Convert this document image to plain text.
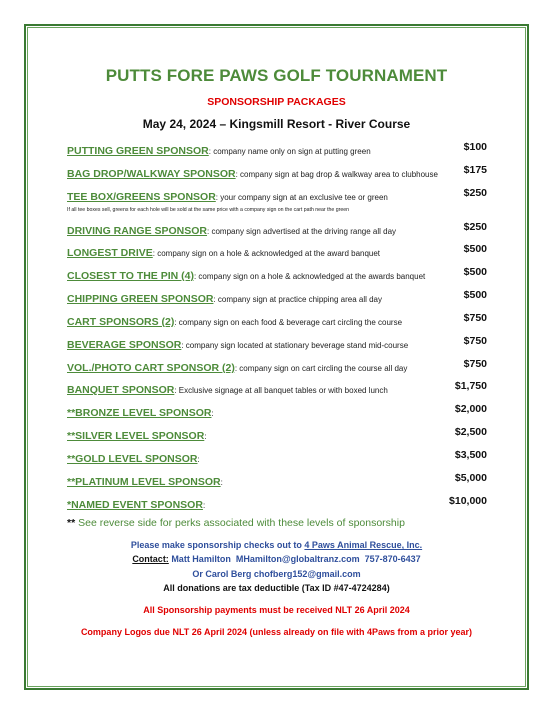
PUTTS FORE PAWS GOLF TOURNAMENT
SPONSORSHIP PACKAGES
May 24, 2024 – Kingsmill Resort - River Course
PUTTING GREEN SPONSOR: company name only on sign at putting green	$100
BAG DROP/WALKWAY SPONSOR: company sign at bag drop & walkway area to clubhouse $175
TEE BOX/GREENS SPONSOR: your company sign at an exclusive tee or green	$250
If all tee boxes sell, greens for each hole will be sold at the same price with a company sign on the cart path near the green
DRIVING RANGE SPONSOR: company sign advertised at the driving range all day	$250
LONGEST DRIVE: company sign on a hole & acknowledged at the award banquet	$500
CLOSEST TO THE PIN (4): company sign on a hole & acknowledged at the awards banquet	$500
CHIPPING GREEN SPONSOR: company sign at practice chipping area all day	$500
CART SPONSORS (2): company sign on each food & beverage cart circling the course	$750
BEVERAGE SPONSOR: company sign located at stationary beverage stand mid-course	$750
VOL./PHOTO CART SPONSOR (2): company sign on cart circling the course all day	$750
BANQUET SPONSOR: Exclusive signage at all banquet tables or with boxed lunch	$1,750
**BRONZE LEVEL SPONSOR:	$2,000
**SILVER LEVEL SPONSOR:	$2,500
**GOLD LEVEL SPONSOR:	$3,500
**PLATINUM LEVEL SPONSOR:	$5,000
*NAMED EVENT SPONSOR:	$10,000
** See reverse side for perks associated with these levels of sponsorship
Please make sponsorship checks out to 4 Paws Animal Rescue, Inc.
Contact: Matt Hamilton MHamilton@globaltranz.com 757-870-6437
Or Carol Berg chofberg152@gmail.com
All donations are tax deductible (Tax ID #47-4724284)
All Sponsorship payments must be received NLT 26 April 2024
Company Logos due NLT 26 April 2024 (unless already on file with 4Paws from a prior year)
